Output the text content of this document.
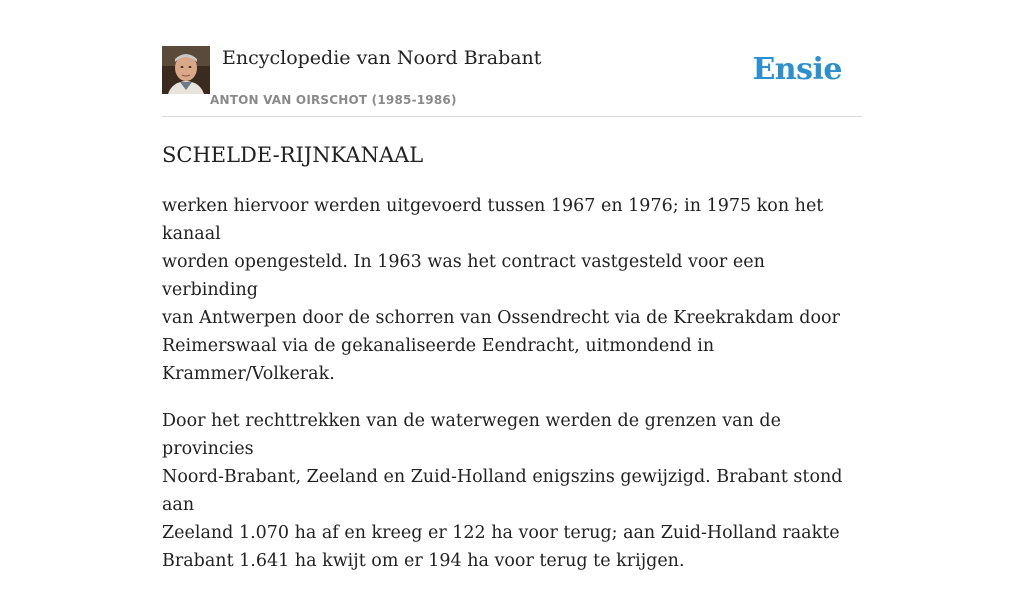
Encyclopedie van Noord Brabant
ANTON VAN OIRSCHOT (1985-1986)
Ensie
SCHELDE-RIJNKANAAL

werken hiervoor werden uitgevoerd tussen 1967 en 1976; in 1975 kon het kanaal
worden opengesteld. In 1963 was het contract vastgesteld voor een verbinding
van Antwerpen door de schorren van Ossendrecht via de Kreekrakdam door
Reimerswaal via de gekanaliseerde Eendracht, uitmondend in
Krammer/Volkerak.

Door het rechttrekken van de waterwegen werden de grenzen van de provincies
Noord-Brabant, Zeeland en Zuid-Holland enigszins gewijzigd. Brabant stond aan
Zeeland 1.070 ha af en kreeg er 122 ha voor terug; aan Zuid-Holland raakte
Brabant 1.641 ha kwijt om er 194 ha voor terug te krijgen.
